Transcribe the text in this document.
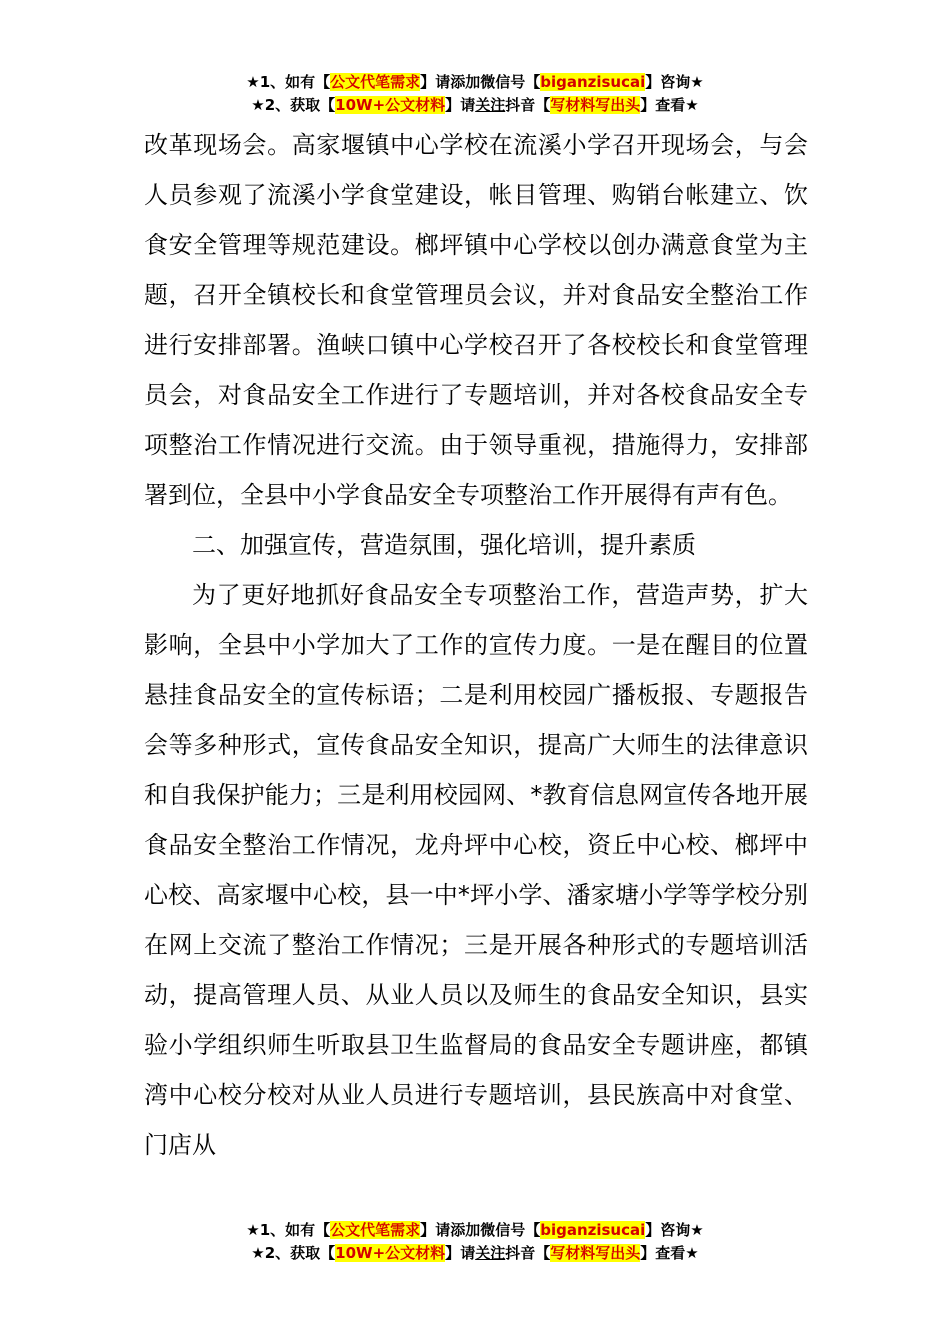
★1、如有【公文代笔需求】请添加微信号【biganzisucai】咨询★
★2、获取【10W+公文材料】请关注抖音【写材料写出头】查看★

改革现场会。高家堰镇中心学校在流溪小学召开现场会，与会人员参观了流溪小学食堂建设，帐目管理、购销台帐建立、饮食安全管理等规范建设。榔坪镇中心学校以创办满意食堂为主题，召开全镇校长和食堂管理员会议，并对食品安全整治工作进行安排部署。渔峡口镇中心学校召开了各校校长和食堂管理员会，对食品安全工作进行了专题培训，并对各校食品安全专项整治工作情况进行交流。由于领导重视，措施得力，安排部署到位，全县中小学食品安全专项整治工作开展得有声有色。

二、加强宣传，营造氛围，强化培训，提升素质

为了更好地抓好食品安全专项整治工作，营造声势，扩大影响，全县中小学加大了工作的宣传力度。一是在醒目的位置悬挂食品安全的宣传标语；二是利用校园广播板报、专题报告会等多种形式，宣传食品安全知识，提高广大师生的法律意识和自我保护能力；三是利用校园网、*教育信息网宣传各地开展食品安全整治工作情况，龙舟坪中心校，资丘中心校、榔坪中心校、高家堰中心校，县一中*坪小学、潘家塘小学等学校分别在网上交流了整治工作情况；三是开展各种形式的专题培训活动，提高管理人员、从业人员以及师生的食品安全知识，县实验小学组织师生听取县卫生监督局的食品安全专题讲座，都镇湾中心校分校对从业人员进行专题培训，县民族高中对食堂、门店从

★1、如有【公文代笔需求】请添加微信号【biganzisucai】咨询★
★2、获取【10W+公文材料】请关注抖音【写材料写出头】查看★
